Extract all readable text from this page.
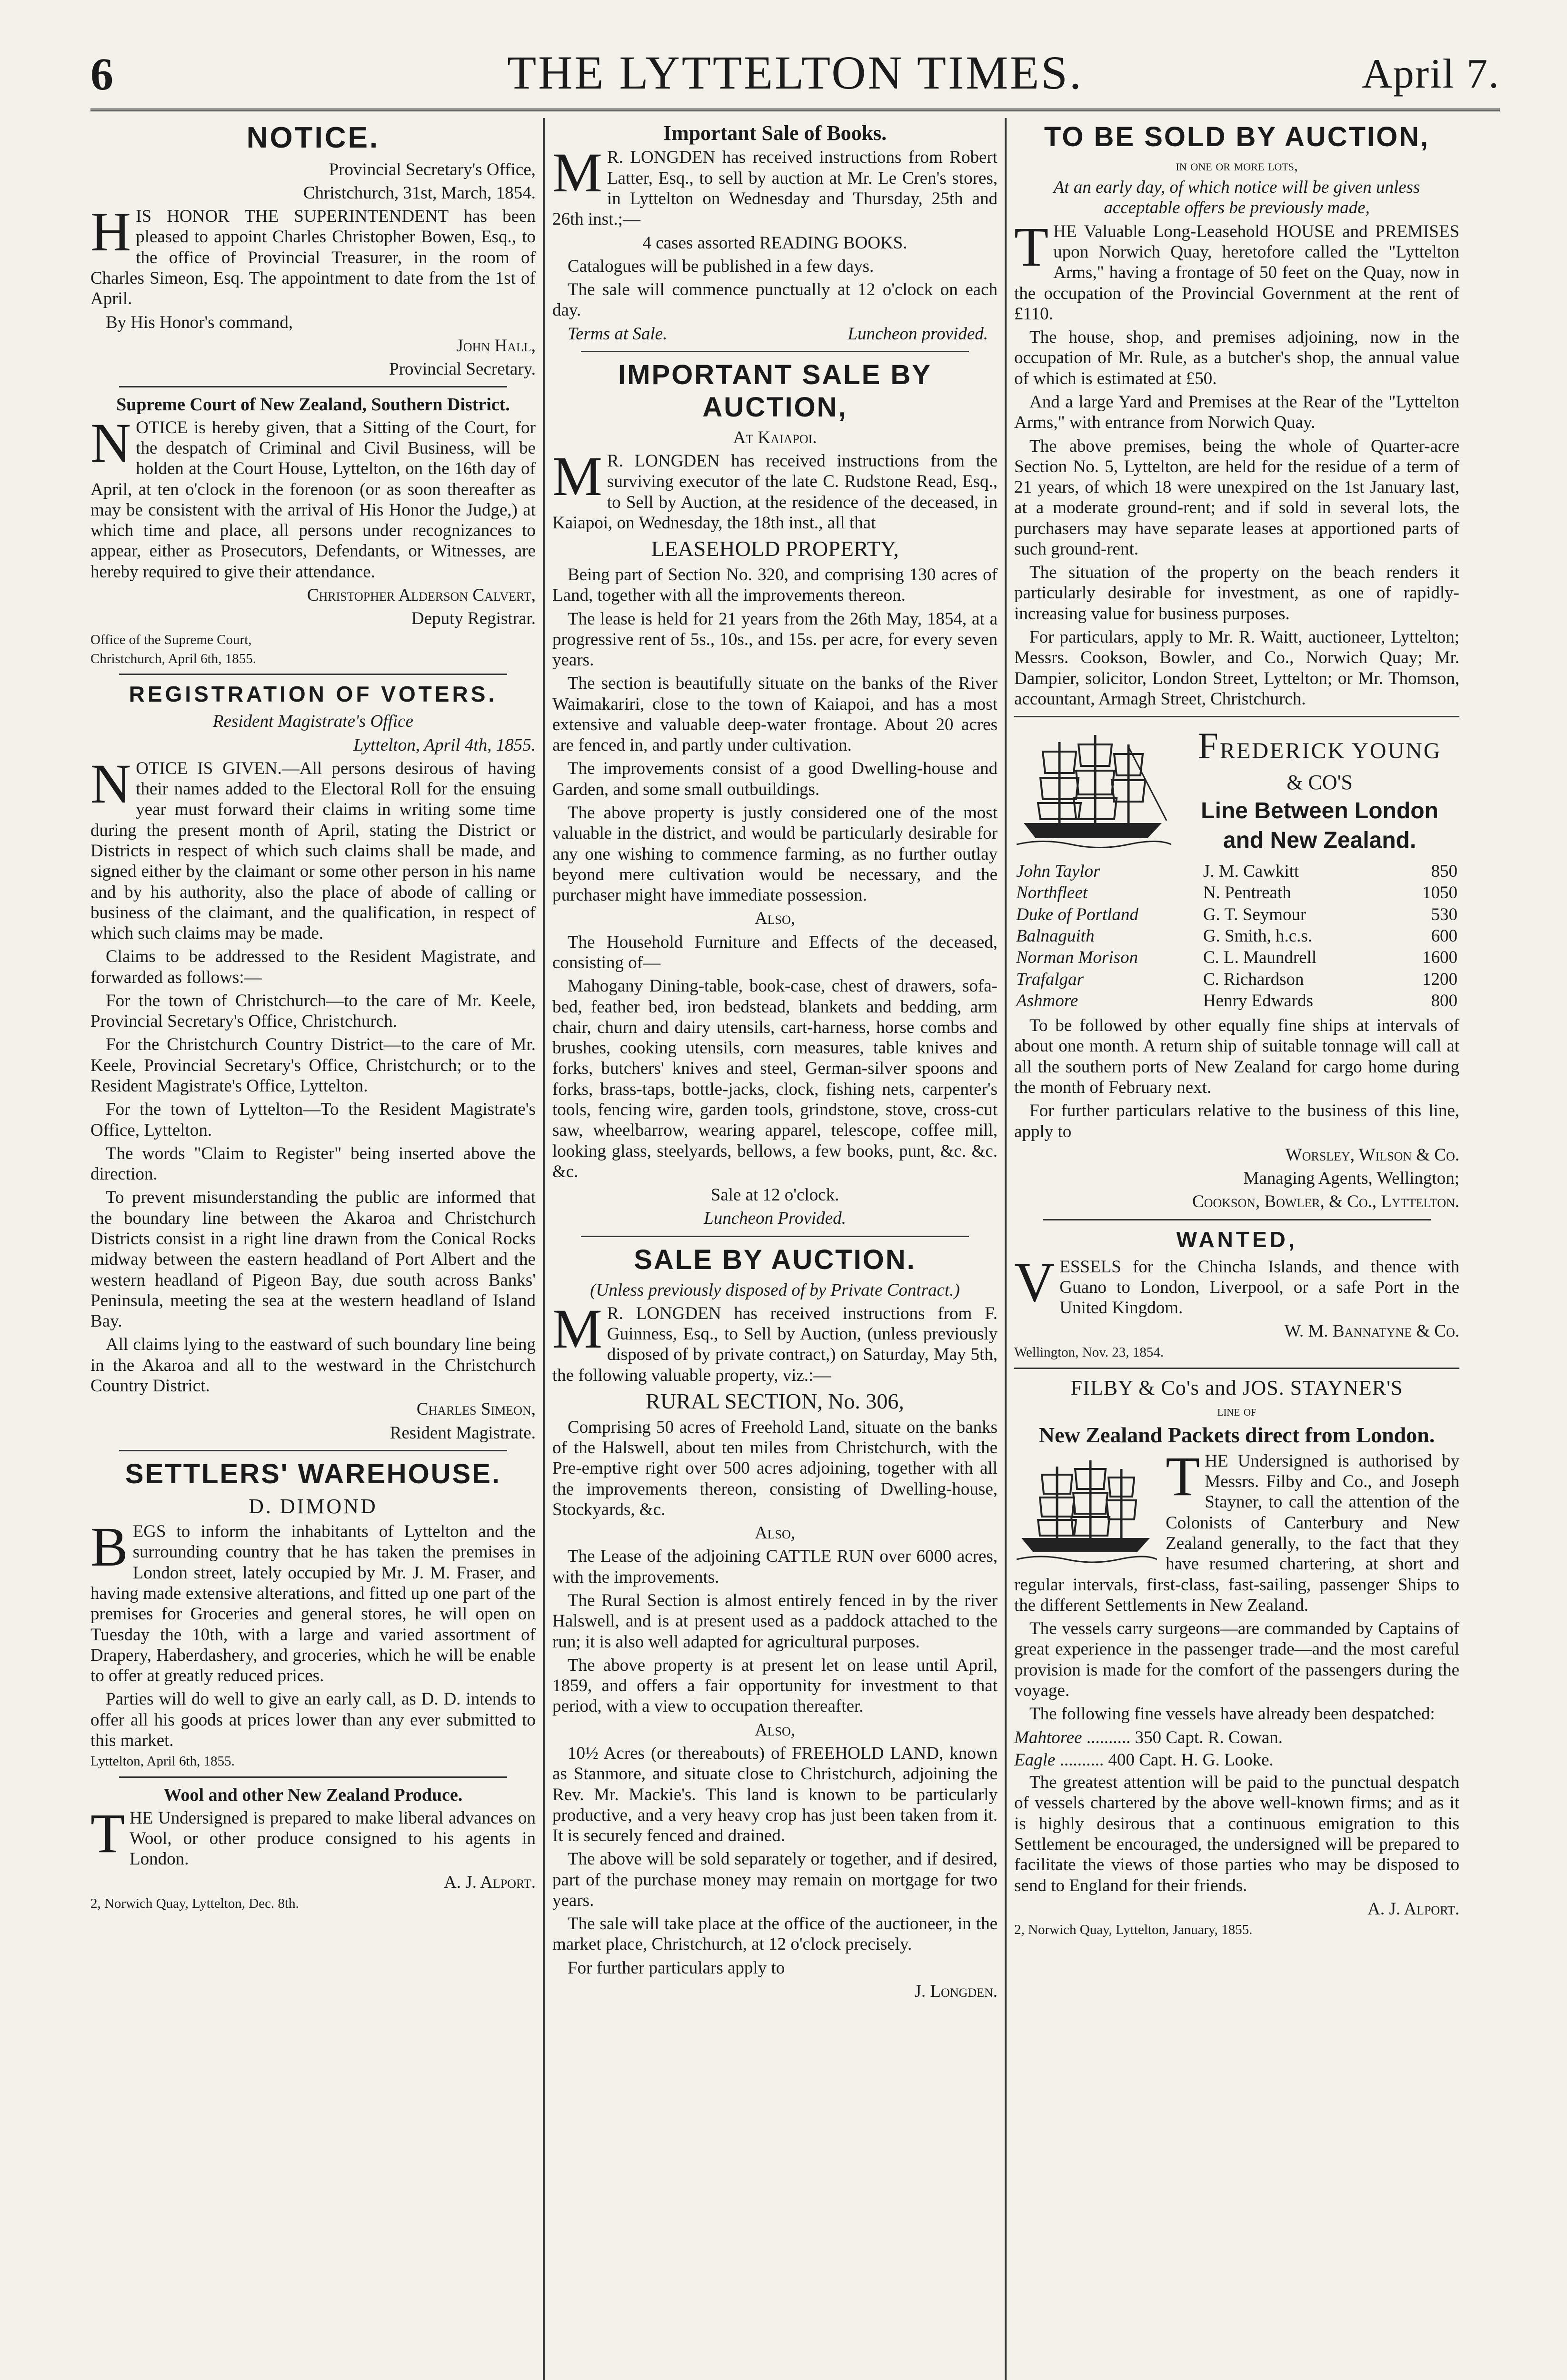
6	THE LYTTELTON TIMES.	April 7.
NOTICE.

Provincial Secretary's Office,

Christchurch, 31st, March, 1854.

HIS HONOR THE SUPERINTENDENT has been pleased to appoint Charles Christopher Bowen, Esq., to the office of Provincial Treasurer, in the room of Charles Simeon, Esq. The appointment to date from the 1st of April.

By His Honor's command,

John Hall,

Provincial Secretary.

Supreme Court of New Zealand, Southern District.

NOTICE is hereby given, that a Sitting of the Court, for the despatch of Criminal and Civil Business, will be holden at the Court House, Lyttelton, on the 16th day of April, at ten o'clock in the forenoon (or as soon thereafter as may be consistent with the arrival of His Honor the Judge,) at which time and place, all persons under recognizances to appear, either as Prosecutors, Defendants, or Witnesses, are hereby required to give their attendance.

Christopher Alderson Calvert,

Deputy Registrar.

Office of the Supreme Court,

Christchurch, April 6th, 1855.

REGISTRATION OF VOTERS.

Resident Magistrate's Office

Lyttelton, April 4th, 1855.

NOTICE IS GIVEN.—All persons desirous of having their names added to the Electoral Roll for the ensuing year must forward their claims in writing some time during the present month of April, stating the District or Districts in respect of which such claims shall be made, and signed either by the claimant or some other person in his name and by his authority, also the place of abode of calling or business of the claimant, and the qualification, in respect of which such claims may be made.

Claims to be addressed to the Resident Magistrate, and forwarded as follows:—

For the town of Christchurch—to the care of Mr. Keele, Provincial Secretary's Office, Christchurch.

For the Christchurch Country District—to the care of Mr. Keele, Provincial Secretary's Office, Christchurch; or to the Resident Magistrate's Office, Lyttelton.

For the town of Lyttelton—To the Resident Magistrate's Office, Lyttelton.

The words "Claim to Register" being inserted above the direction.

To prevent misunderstanding the public are informed that the boundary line between the Akaroa and Christchurch Districts consist in a right line drawn from the Conical Rocks midway between the eastern headland of Port Albert and the western headland of Pigeon Bay, due south across Banks' Peninsula, meeting the sea at the western headland of Island Bay.

All claims lying to the eastward of such boundary line being in the Akaroa and all to the westward in the Christchurch Country District.

Charles Simeon,

Resident Magistrate.

SETTLERS' WAREHOUSE.

D. DIMOND

BEGS to inform the inhabitants of Lyttelton and the surrounding country that he has taken the premises in London street, lately occupied by Mr. J. M. Fraser, and having made extensive alterations, and fitted up one part of the premises for Groceries and general stores, he will open on Tuesday the 10th, with a large and varied assortment of Drapery, Haberdashery, and groceries, which he will be enable to offer at greatly reduced prices.

Parties will do well to give an early call, as D. D. intends to offer all his goods at prices lower than any ever submitted to this market.

Lyttelton, April 6th, 1855.

Wool and other New Zealand Produce.

THE Undersigned is prepared to make liberal advances on Wool, or other produce consigned to his agents in London.

A. J. Alport.

2, Norwich Quay, Lyttelton, Dec. 8th.

Important Sale of Books.

M R. LONGDEN has received instructions from Robert Latter, Esq., to sell by auction at Mr. Le Cren's stores, in Lyttelton on Wednesday and Thursday, 25th and 26th inst.;—

4 cases assorted READING BOOKS.

Catalogues will be published in a few days.

The sale will commence punctually at 12 o'clock on each day.

Terms at Sale.	Luncheon provided.

IMPORTANT SALE BY AUCTION,

At Kaiapoi.

M R. LONGDEN has received instructions from the surviving executor of the late C. Rudstone Read, Esq., to Sell by Auction, at the residence of the deceased, in Kaiapoi, on Wednesday, the 18th inst., all that

LEASEHOLD PROPERTY,

Being part of Section No. 320, and comprising 130 acres of Land, together with all the improvements thereon.

The lease is held for 21 years from the 26th May, 1854, at a progressive rent of 5s., 10s., and 15s. per acre, for every seven years.

The section is beautifully situate on the banks of the River Waimakariri, close to the town of Kaiapoi, and has a most extensive and valuable deep-water frontage. About 20 acres are fenced in, and partly under cultivation.

The improvements consist of a good Dwelling-house and Garden, and some small outbuildings.

The above property is justly considered one of the most valuable in the district, and would be particularly desirable for any one wishing to commence farming, as no further outlay beyond mere cultivation would be necessary, and the purchaser might have immediate possession.

Also,

The Household Furniture and Effects of the deceased, consisting of—

Mahogany Dining-table, book-case, chest of drawers, sofa-bed, feather bed, iron bedstead, blankets and bedding, arm chair, churn and dairy utensils, cart-harness, horse combs and brushes, cooking utensils, corn measures, table knives and forks, butchers' knives and steel, German-silver spoons and forks, brass-taps, bottle-jacks, clock, fishing nets, carpenter's tools, fencing wire, garden tools, grindstone, stove, cross-cut saw, wheelbarrow, wearing apparel, telescope, coffee mill, looking glass, steelyards, bellows, a few books, punt, &c. &c. &c.

Sale at 12 o'clock.

Luncheon Provided.

SALE BY AUCTION.

(Unless previously disposed of by Private Contract.)

M R. LONGDEN has received instructions from F. Guinness, Esq., to Sell by Auction, (unless previously disposed of by private contract,) on Saturday, May 5th, the following valuable property, viz.:—

RURAL SECTION, No. 306,

Comprising 50 acres of Freehold Land, situate on the banks of the Halswell, about ten miles from Christchurch, with the Pre-emptive right over 500 acres adjoining, together with all the improvements thereon, consisting of Dwelling-house, Stockyards, &c.

Also,

The Lease of the adjoining CATTLE RUN over 6000 acres, with the improvements.

The Rural Section is almost entirely fenced in by the river Halswell, and is at present used as a paddock attached to the run; it is also well adapted for agricultural purposes.

The above property is at present let on lease until April, 1859, and offers a fair opportunity for investment to that period, with a view to occupation thereafter.

Also,

10½ Acres (or thereabouts) of FREEHOLD LAND, known as Stanmore, and situate close to Christchurch, adjoining the Rev. Mr. Mackie's. This land is known to be particularly productive, and a very heavy crop has just been taken from it. It is securely fenced and drained.

The above will be sold separately or together, and if desired, part of the purchase money may remain on mortgage for two years.

The sale will take place at the office of the auctioneer, in the market place, Christchurch, at 12 o'clock precisely.

For further particulars apply to

J. Longden.

TO BE SOLD BY AUCTION,

in one or more lots,

At an early day, of which notice will be given unless acceptable offers be previously made,

THE Valuable Long-Leasehold HOUSE and PREMISES upon Norwich Quay, heretofore called the "Lyttelton Arms," having a frontage of 50 feet on the Quay, now in the occupation of the Provincial Government at the rent of £110.

The house, shop, and premises adjoining, now in the occupation of Mr. Rule, as a butcher's shop, the annual value of which is estimated at £50.

And a large Yard and Premises at the Rear of the "Lyttelton Arms," with entrance from Norwich Quay.

The above premises, being the whole of Quarter-acre Section No. 5, Lyttelton, are held for the residue of a term of 21 years, of which 18 were unexpired on the 1st January last, at a moderate ground-rent; and if sold in several lots, the purchasers may have separate leases at apportioned parts of such ground-rent.

The situation of the property on the beach renders it particularly desirable for investment, as one of rapidly-increasing value for business purposes.

For particulars, apply to Mr. R. Waitt, auctioneer, Lyttelton; Messrs. Cookson, Bowler, and Co., Norwich Quay; Mr. Dampier, solicitor, London Street, Lyttelton; or Mr. Thomson, accountant, Armagh Street, Christchurch.

FREDERICK YOUNG

& CO'S

Line Between London

and New Zealand.

John Taylor	J. M. Cawkitt	850
Northfleet	N. Pentreath	1050
Duke of Portland	G. T. Seymour	530
Balnaguith	G. Smith, h.c.s.	600
Norman Morison	C. L. Maundrell	1600
Trafalgar	C. Richardson	1200
Ashmore	Henry Edwards	800

To be followed by other equally fine ships at intervals of about one month. A return ship of suitable tonnage will call at all the southern ports of New Zealand for cargo home during the month of February next.

For further particulars relative to the business of this line, apply to

Worsley, Wilson & Co.

Managing Agents, Wellington;

Cookson, Bowler, & Co., Lyttelton.

WANTED,

VESSELS for the Chincha Islands, and thence with Guano to London, Liverpool, or a safe Port in the United Kingdom.

W. M. Bannatyne & Co.

Wellington, Nov. 23, 1854.

FILBY & Co's and JOS. STAYNER'S

line of

New Zealand Packets direct from London.

THE Undersigned is authorised by Messrs. Filby and Co., and Joseph Stayner, to call the attention of the Colonists of Canterbury and New Zealand generally, to the fact that they have resumed chartering, at short and regular intervals, first-class, fast-sailing, passenger Ships to the different Settlements in New Zealand.

The vessels carry surgeons—are commanded by Captains of great experience in the passenger trade—and the most careful provision is made for the comfort of the passengers during the voyage.

The following fine vessels have already been despatched:

Mahtoree .......... 350 Capt. R. Cowan.
Eagle .......... 400 Capt. H. G. Looke.

The greatest attention will be paid to the punctual despatch of vessels chartered by the above well-known firms; and as it is highly desirous that a continuous emigration to this Settlement be encouraged, the undersigned will be prepared to facilitate the views of those parties who may be disposed to send to England for their friends.

A. J. Alport.

2, Norwich Quay, Lyttelton, January, 1855.
